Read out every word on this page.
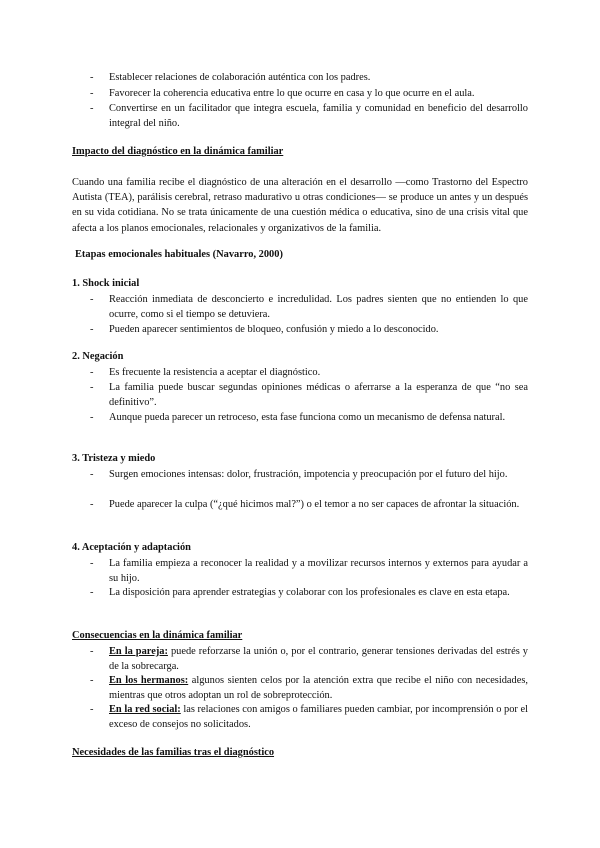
- Establecer relaciones de colaboración auténtica con los padres.
- Favorecer la coherencia educativa entre lo que ocurre en casa y lo que ocurre en el aula.
- Convertirse en un facilitador que integra escuela, familia y comunidad en beneficio del desarrollo integral del niño.
Impacto del diagnóstico en la dinámica familiar
Cuando una familia recibe el diagnóstico de una alteración en el desarrollo —como Trastorno del Espectro Autista (TEA), parálisis cerebral, retraso madurativo u otras condiciones— se produce un antes y un después en su vida cotidiana. No se trata únicamente de una cuestión médica o educativa, sino de una crisis vital que afecta a los planos emocionales, relacionales y organizativos de la familia.
Etapas emocionales habituales (Navarro, 2000)
1. Shock inicial
- Reacción inmediata de desconcierto e incredulidad. Los padres sienten que no entienden lo que ocurre, como si el tiempo se detuviera.
- Pueden aparecer sentimientos de bloqueo, confusión y miedo a lo desconocido.
2. Negación
- Es frecuente la resistencia a aceptar el diagnóstico.
- La familia puede buscar segundas opiniones médicas o aferrarse a la esperanza de que “no sea definitivo”.
- Aunque pueda parecer un retroceso, esta fase funciona como un mecanismo de defensa natural.
3. Tristeza y miedo
- Surgen emociones intensas: dolor, frustración, impotencia y preocupación por el futuro del hijo.
- Puede aparecer la culpa (“¿qué hicimos mal?”) o el temor a no ser capaces de afrontar la situación.
4. Aceptación y adaptación
- La familia empieza a reconocer la realidad y a movilizar recursos internos y externos para ayudar a su hijo.
- La disposición para aprender estrategias y colaborar con los profesionales es clave en esta etapa.
Consecuencias en la dinámica familiar
- En la pareja: puede reforzarse la unión o, por el contrario, generar tensiones derivadas del estrés y de la sobrecarga.
- En los hermanos: algunos sienten celos por la atención extra que recibe el niño con necesidades, mientras que otros adoptan un rol de sobreprotección.
- En la red social: las relaciones con amigos o familiares pueden cambiar, por incomprensión o por el exceso de consejos no solicitados.
Necesidades de las familias tras el diagnóstico
